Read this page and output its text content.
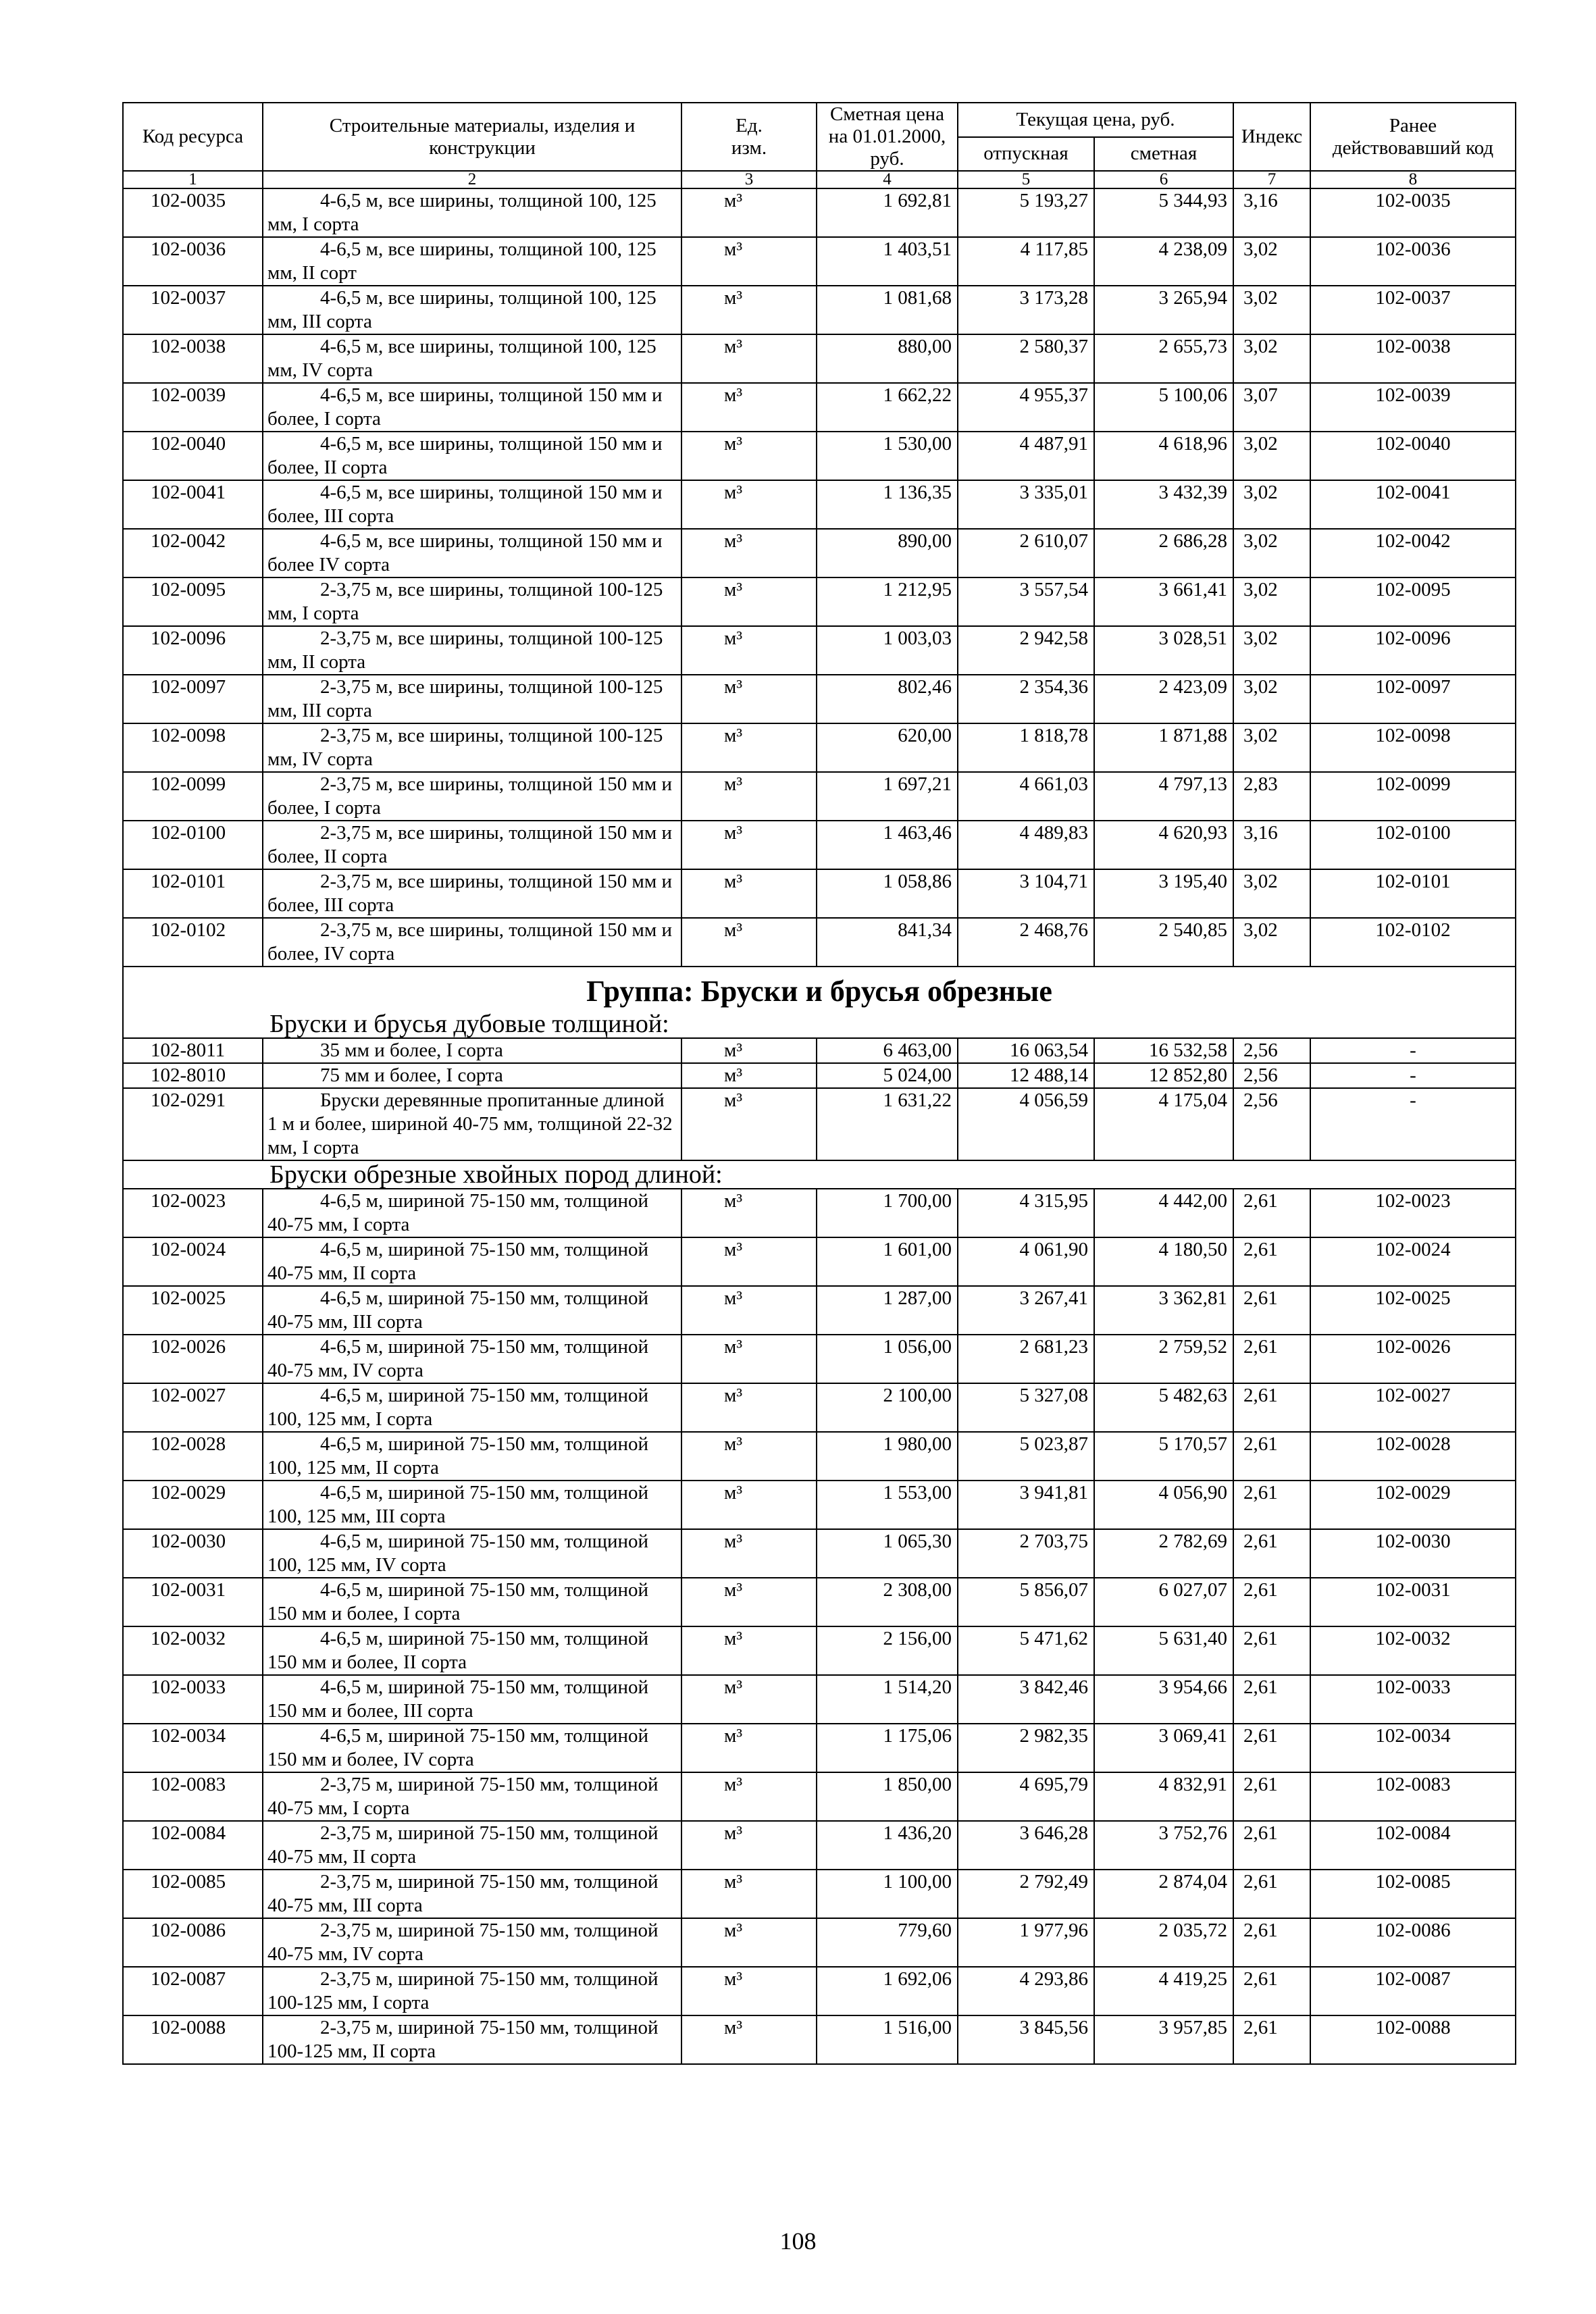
Код ресурса	Строительные материалы, изделия и конструкции	Ед. изм.	Сметная цена на 01.01.2000, руб.	Текущая цена, руб.		Индекс	Ранее действовавший код
				отпускная	сметная		
1	2	3	4	5	6	7	8
102-0035	4-6,5 м, все ширины, толщиной 100, 125 мм, I сорта	м³	1 692,81	5 193,27	5 344,93	3,16	102-0035
102-0036	4-6,5 м, все ширины, толщиной 100, 125 мм, II сорт	м³	1 403,51	4 117,85	4 238,09	3,02	102-0036
102-0037	4-6,5 м, все ширины, толщиной 100, 125 мм, III сорта	м³	1 081,68	3 173,28	3 265,94	3,02	102-0037
102-0038	4-6,5 м, все ширины, толщиной 100, 125 мм, IV сорта	м³	880,00	2 580,37	2 655,73	3,02	102-0038
102-0039	4-6,5 м, все ширины, толщиной 150 мм и более, I сорта	м³	1 662,22	4 955,37	5 100,06	3,07	102-0039
102-0040	4-6,5 м, все ширины, толщиной 150 мм и более, II сорта	м³	1 530,00	4 487,91	4 618,96	3,02	102-0040
102-0041	4-6,5 м, все ширины, толщиной 150 мм и более, III сорта	м³	1 136,35	3 335,01	3 432,39	3,02	102-0041
102-0042	4-6,5 м, все ширины, толщиной 150 мм и более IV сорта	м³	890,00	2 610,07	2 686,28	3,02	102-0042
102-0095	2-3,75 м, все ширины, толщиной 100-125 мм, I сорта	м³	1 212,95	3 557,54	3 661,41	3,02	102-0095
102-0096	2-3,75 м, все ширины, толщиной 100-125 мм, II сорта	м³	1 003,03	2 942,58	3 028,51	3,02	102-0096
102-0097	2-3,75 м, все ширины, толщиной 100-125 мм, III сорта	м³	802,46	2 354,36	2 423,09	3,02	102-0097
102-0098	2-3,75 м, все ширины, толщиной 100-125 мм, IV сорта	м³	620,00	1 818,78	1 871,88	3,02	102-0098
102-0099	2-3,75 м, все ширины, толщиной 150 мм и более, I сорта	м³	1 697,21	4 661,03	4 797,13	2,83	102-0099
102-0100	2-3,75 м, все ширины, толщиной 150 мм и более, II сорта	м³	1 463,46	4 489,83	4 620,93	3,16	102-0100
102-0101	2-3,75 м, все ширины, толщиной 150 мм и более, III сорта	м³	1 058,86	3 104,71	3 195,40	3,02	102-0101
102-0102	2-3,75 м, все ширины, толщиной 150 мм и более, IV сорта	м³	841,34	2 468,76	2 540,85	3,02	102-0102
Группа: Бруски и брусья обрезные							
Бруски и брусья дубовые толщиной:							
102-8011	35 мм и более, I сорта	м³	6 463,00	16 063,54	16 532,58	2,56	-
102-8010	75 мм и более, I сорта	м³	5 024,00	12 488,14	12 852,80	2,56	-
102-0291	Бруски деревянные пропитанные длиной 1 м и более, шириной 40-75 мм, толщиной 22-32 мм, I сорта	м³	1 631,22	4 056,59	4 175,04	2,56	-
Бруски обрезные хвойных пород длиной:							
102-0023	4-6,5 м, шириной 75-150 мм, толщиной 40-75 мм, I сорта	м³	1 700,00	4 315,95	4 442,00	2,61	102-0023
102-0024	4-6,5 м, шириной 75-150 мм, толщиной 40-75 мм, II сорта	м³	1 601,00	4 061,90	4 180,50	2,61	102-0024
102-0025	4-6,5 м, шириной 75-150 мм, толщиной 40-75 мм, III сорта	м³	1 287,00	3 267,41	3 362,81	2,61	102-0025
102-0026	4-6,5 м, шириной 75-150 мм, толщиной 40-75 мм, IV сорта	м³	1 056,00	2 681,23	2 759,52	2,61	102-0026
102-0027	4-6,5 м, шириной 75-150 мм, толщиной 100, 125 мм, I сорта	м³	2 100,00	5 327,08	5 482,63	2,61	102-0027
102-0028	4-6,5 м, шириной 75-150 мм, толщиной 100, 125 мм, II сорта	м³	1 980,00	5 023,87	5 170,57	2,61	102-0028
102-0029	4-6,5 м, шириной 75-150 мм, толщиной 100, 125 мм, III сорта	м³	1 553,00	3 941,81	4 056,90	2,61	102-0029
102-0030	4-6,5 м, шириной 75-150 мм, толщиной 100, 125 мм, IV сорта	м³	1 065,30	2 703,75	2 782,69	2,61	102-0030
102-0031	4-6,5 м, шириной 75-150 мм, толщиной 150 мм и более, I сорта	м³	2 308,00	5 856,07	6 027,07	2,61	102-0031
102-0032	4-6,5 м, шириной 75-150 мм, толщиной 150 мм и более, II сорта	м³	2 156,00	5 471,62	5 631,40	2,61	102-0032
102-0033	4-6,5 м, шириной 75-150 мм, толщиной 150 мм и более, III сорта	м³	1 514,20	3 842,46	3 954,66	2,61	102-0033
102-0034	4-6,5 м, шириной 75-150 мм, толщиной 150 мм и более, IV сорта	м³	1 175,06	2 982,35	3 069,41	2,61	102-0034
102-0083	2-3,75 м, шириной 75-150 мм, толщиной 40-75 мм, I сорта	м³	1 850,00	4 695,79	4 832,91	2,61	102-0083
102-0084	2-3,75 м, шириной 75-150 мм, толщиной 40-75 мм, II сорта	м³	1 436,20	3 646,28	3 752,76	2,61	102-0084
102-0085	2-3,75 м, шириной 75-150 мм, толщиной 40-75 мм, III сорта	м³	1 100,00	2 792,49	2 874,04	2,61	102-0085
102-0086	2-3,75 м, шириной 75-150 мм, толщиной 40-75 мм, IV сорта	м³	779,60	1 977,96	2 035,72	2,61	102-0086
102-0087	2-3,75 м, шириной 75-150 мм, толщиной 100-125 мм, I сорта	м³	1 692,06	4 293,86	4 419,25	2,61	102-0087
102-0088	2-3,75 м, шириной 75-150 мм, толщиной 100-125 мм, II сорта	м³	1 516,00	3 845,56	3 957,85	2,61	102-0088
108
